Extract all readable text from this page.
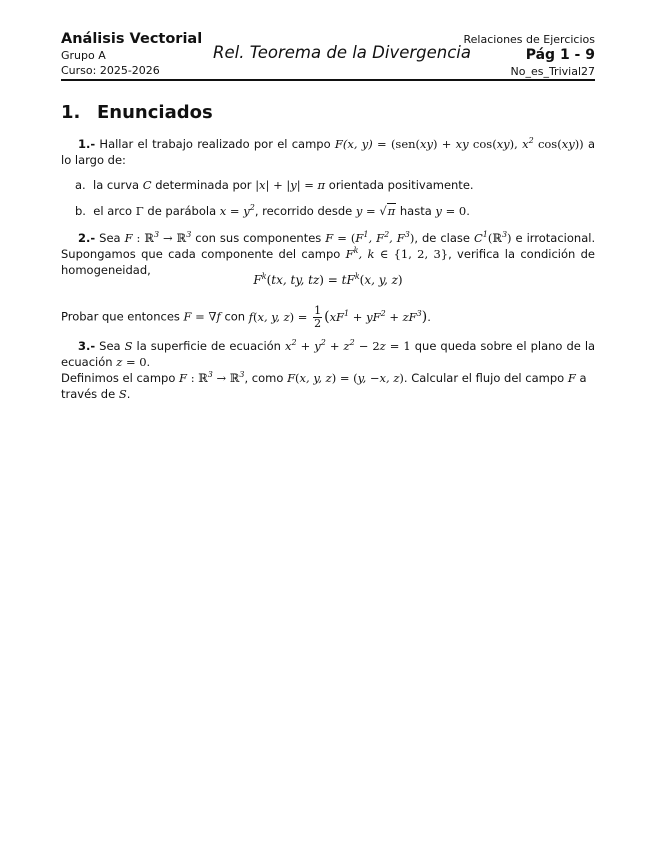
Análisis Vectorial
Grupo A
Curso: 2025-2026
Rel. Teorema de la Divergencia
Relaciones de Ejercicios
Pág 1 - 9
No_es_Trivial27
1. Enunciados
1.- Hallar el trabajo realizado por el campo F(x, y) = (sen(xy) + xy cos(xy), $x^2$ cos(xy)) a lo largo de:
a. la curva C determinada por |x| + |y| = π orientada positivamente.
b. el arco Γ de parábola $x = y^2$, recorrido desde y = √π hasta y = 0.
2.- Sea F : ℝ$^3$ → ℝ$^3$ con sus componentes $F = (F^1$, $F^2$, $F^3$), de clase $C^1(ℝ^3)$ e irrotacional. Supongamos que cada componente del campo $F^k$, k ∈ {1, 2, 3}, verifica la condición de homogeneidad,
$F^k(tx$, ty, $tz) = tF^k(x$, y, z)
Probar que entonces F = ∇f con f(x, y, $z) = \frac{1}{2} (xF^1 + yF^2 + zF^3)$.
3.- Sea S la superficie de ecuación $x^2 + y^2 + z^2 - 2z = 1$ que queda sobre el plano de la ecuación z = 0.
Definimos el campo F : ℝ$^3$ → ℝ$^3$, como F(x, y, z) = (y, −x, z). Calcular el flujo del campo F a través de S.
